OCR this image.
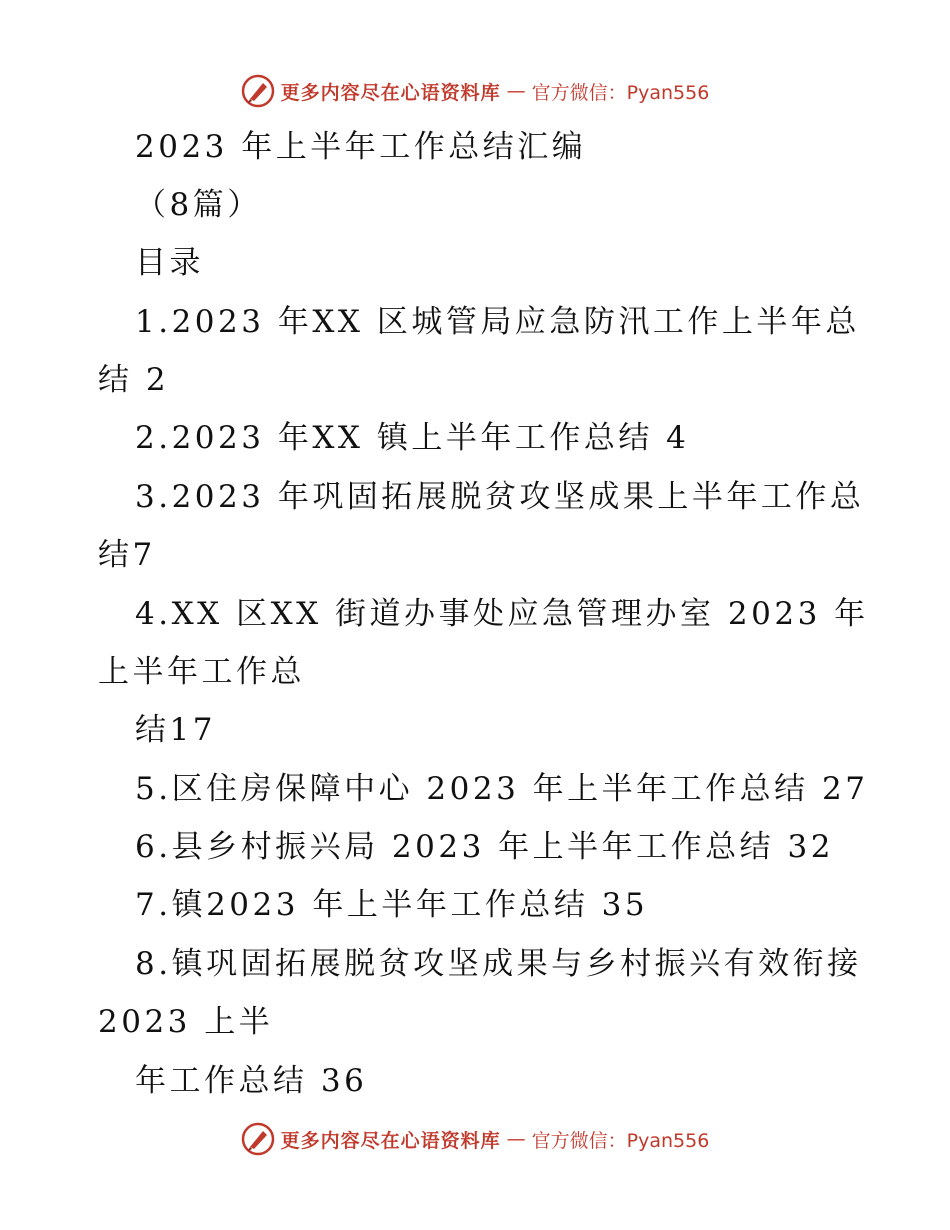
更多内容尽在心语资料库 — 官方微信：Pyan556
2023 年上半年工作总结汇编
（8篇）
目录
1.2023 年XX 区城管局应急防汛工作上半年总
结 2
2.2023 年XX 镇上半年工作总结 4
3.2023 年巩固拓展脱贫攻坚成果上半年工作总
结7
4.XX 区XX 街道办事处应急管理办室 2023 年
上半年工作总
结17
5.区住房保障中心 2023 年上半年工作总结 27
6.县乡村振兴局 2023 年上半年工作总结 32
7.镇2023 年上半年工作总结 35
8.镇巩固拓展脱贫攻坚成果与乡村振兴有效衔接
2023 上半
年工作总结 36
更多内容尽在心语资料库 — 官方微信：Pyan556
